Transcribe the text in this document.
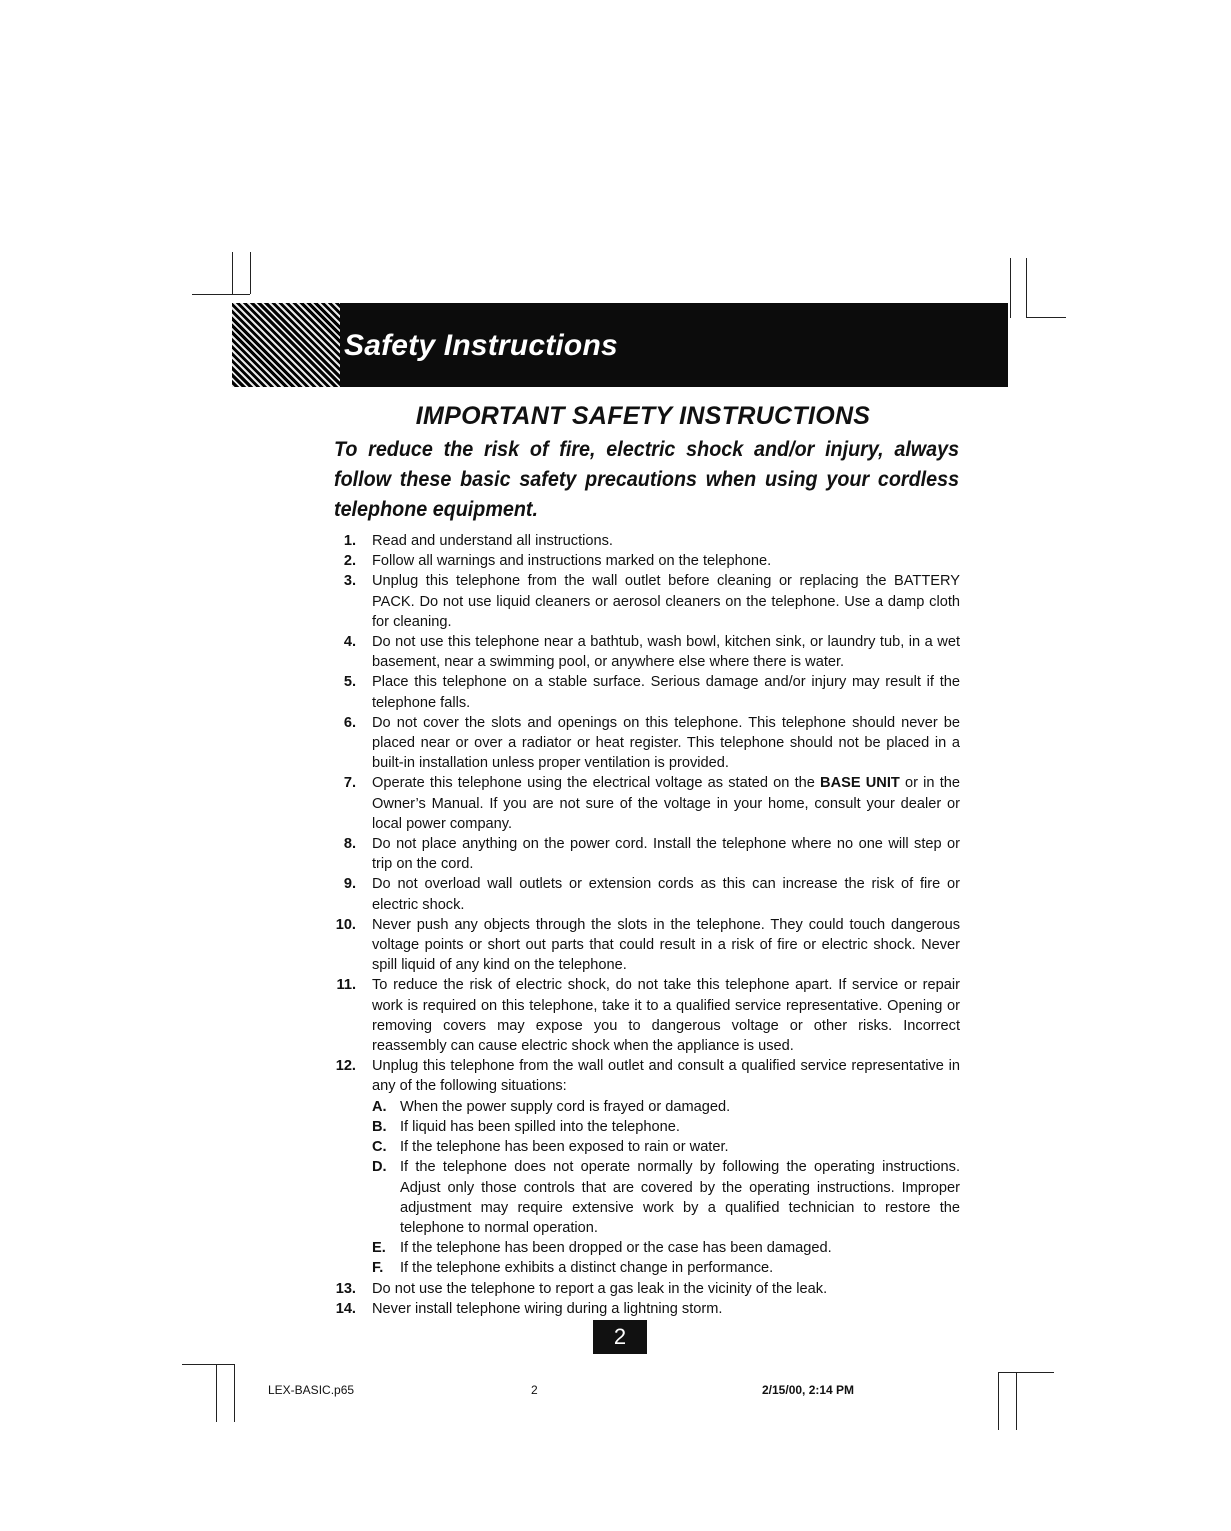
Safety Instructions
IMPORTANT SAFETY INSTRUCTIONS

To reduce the risk of fire, electric shock and/or injury, always follow these basic safety precautions when using your cordless telephone equipment.

1. Read and understand all instructions.
2. Follow all warnings and instructions marked on the telephone.
3. Unplug this telephone from the wall outlet before cleaning or replacing the BATTERY PACK. Do not use liquid cleaners or aerosol cleaners on the telephone. Use a damp cloth for cleaning.
4. Do not use this telephone near a bathtub, wash bowl, kitchen sink, or laundry tub, in a wet basement, near a swimming pool, or anywhere else where there is water.
5. Place this telephone on a stable surface. Serious damage and/or injury may result if the telephone falls.
6. Do not cover the slots and openings on this telephone. This telephone should never be placed near or over a radiator or heat register. This telephone should not be placed in a built-in installation unless proper ventilation is provided.
7. Operate this telephone using the electrical voltage as stated on the BASE UNIT or in the Owner’s Manual. If you are not sure of the voltage in your home, consult your dealer or local power company.
8. Do not place anything on the power cord. Install the telephone where no one will step or trip on the cord.
9. Do not overload wall outlets or extension cords as this can increase the risk of fire or electric shock.
10. Never push any objects through the slots in the telephone. They could touch dangerous voltage points or short out parts that could result in a risk of fire or electric shock. Never spill liquid of any kind on the telephone.
11. To reduce the risk of electric shock, do not take this telephone apart. If service or repair work is required on this telephone, take it to a qualified service representative. Opening or removing covers may expose you to dangerous voltage or other risks. Incorrect reassembly can cause electric shock when the appliance is used.
12. Unplug this telephone from the wall outlet and consult a qualified service representative in any of the following situations:
A. When the power supply cord is frayed or damaged.
B. If liquid has been spilled into the telephone.
C. If the telephone has been exposed to rain or water.
D. If the telephone does not operate normally by following the operating instructions. Adjust only those controls that are covered by the operating instructions. Improper adjustment may require extensive work by a qualified technician to restore the telephone to normal operation.
E. If the telephone has been dropped or the case has been damaged.
F.	If the telephone exhibits a distinct change in performance.
13. Do not use the telephone to report a gas leak in the vicinity of the leak.
14. Never install telephone wiring during a lightning storm.
2
LEX-BASIC.p65	2	2/15/00, 2:14 PM
